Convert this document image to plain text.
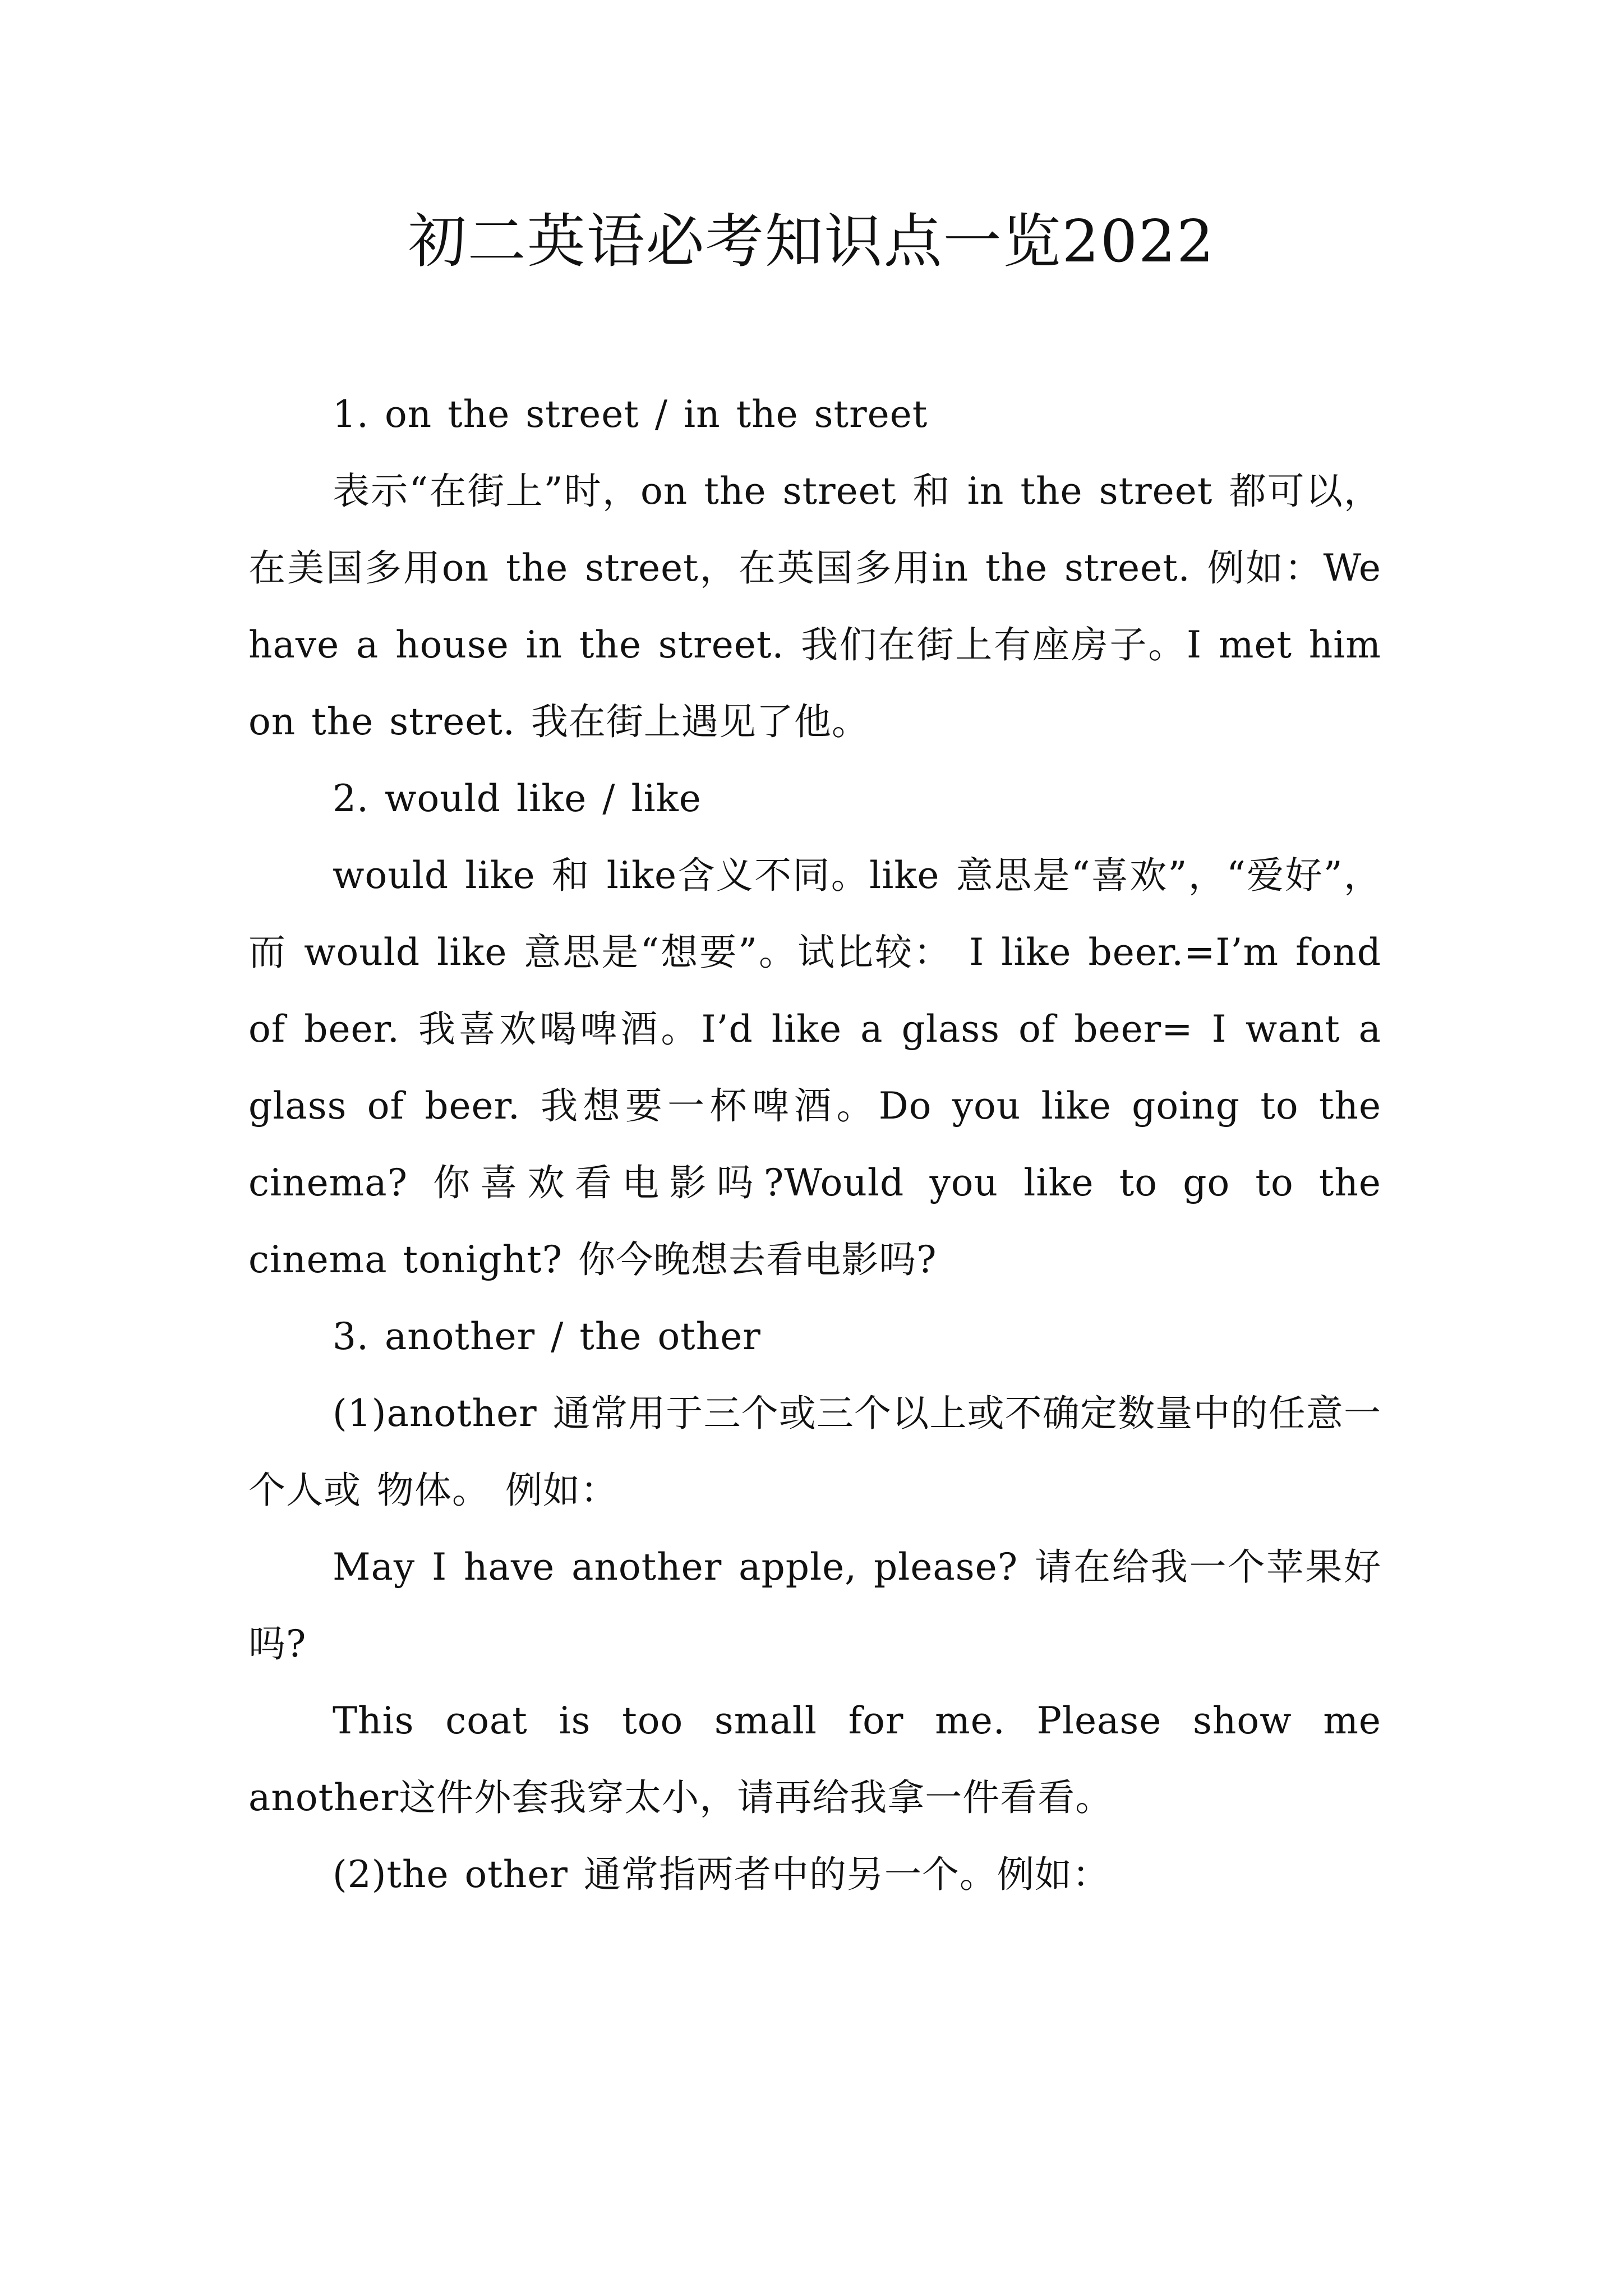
初二英语必考知识点一览2022

1. on the street / in the street

表示“在街上”时，on the street 和 in the street 都可以，在美国多用on the street，在英国多用in the street. 例如：We have a house in the street. 我们在街上有座房子。I met him on the street. 我在街上遇见了他。

2. would like / like

would like 和 like含义不同。like 意思是“喜欢”，“爱好”，而 would like 意思是“想要”。试比较： I like beer.=I’m fond of beer. 我喜欢喝啤酒。I’d like a glass of beer= I want a glass of beer. 我想要一杯啤酒。Do you like going to the cinema? 你喜欢看电影吗?Would you like to go to the cinema tonight? 你今晚想去看电影吗?

3. another / the other

(1)another 通常用于三个或三个以上或不确定数量中的任意一个人或 物体。 例如：

May I have another apple, please? 请在给我一个苹果好吗?

This coat is too small for me. Please show me another这件外套我穿太小，请再给我拿一件看看。

(2)the other 通常指两者中的另一个。例如：
